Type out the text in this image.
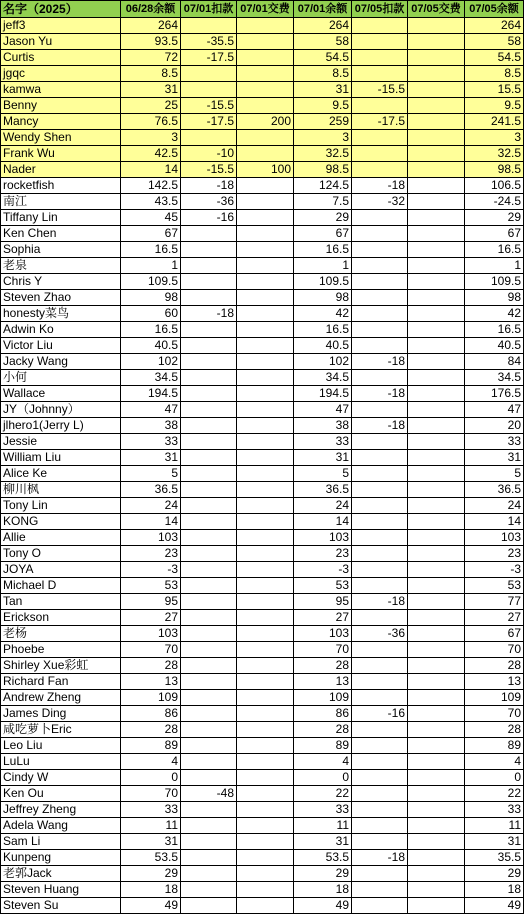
名字（2025）	06/28余额	07/01扣款	07/01交费	07/01余额	07/05扣款	07/05交费	07/05余额
jeff3	264			264			264
Jason Yu	93.5	-35.5		58			58
Curtis	72	-17.5		54.5			54.5
jgqc	8.5			8.5			8.5
kamwa	31			31	-15.5		15.5
Benny	25	-15.5		9.5			9.5
Mancy	76.5	-17.5	200	259	-17.5		241.5
Wendy Shen	3			3			3
Frank Wu	42.5	-10		32.5			32.5
Nader	14	-15.5	100	98.5			98.5
rocketfish	142.5	-18		124.5	-18		106.5
南江	43.5	-36		7.5	-32		-24.5
Tiffany Lin	45	-16		29			29
Ken Chen	67			67			67
Sophia	16.5			16.5			16.5
老泉	1			1			1
Chris Y	109.5			109.5			109.5
Steven Zhao	98			98			98
honesty菜鸟	60	-18		42			42
Adwin Ko	16.5			16.5			16.5
Victor Liu	40.5			40.5			40.5
Jacky Wang	102			102	-18		84
小何	34.5			34.5			34.5
Wallace	194.5			194.5	-18		176.5
JY（Johnny）	47			47			47
jlhero1(Jerry L)	38			38	-18		20
Jessie	33			33			33
William Liu	31			31			31
Alice Ke	5			5			5
柳川枫	36.5			36.5			36.5
Tony Lin	24			24			24
KONG	14			14			14
Allie	103			103			103
Tony O	23			23			23
JOYA	-3			-3			-3
Michael D	53			53			53
Tan	95			95	-18		77
Erickson	27			27			27
老杨	103			103	-36		67
Phoebe	70			70			70
Shirley Xue彩虹	28			28			28
Richard Fan	13			13			13
Andrew Zheng	109			109			109
James Ding	86			86	-16		70
咸吃萝卜Eric	28			28			28
Leo Liu	89			89			89
LuLu	4			4			4
Cindy W	0			0			0
Ken Ou	70	-48		22			22
Jeffrey Zheng	33			33			33
Adela Wang	11			11			11
Sam Li	31			31			31
Kunpeng	53.5			53.5	-18		35.5
老郭Jack	29			29			29
Steven Huang	18			18			18
Steven Su	49			49			49
